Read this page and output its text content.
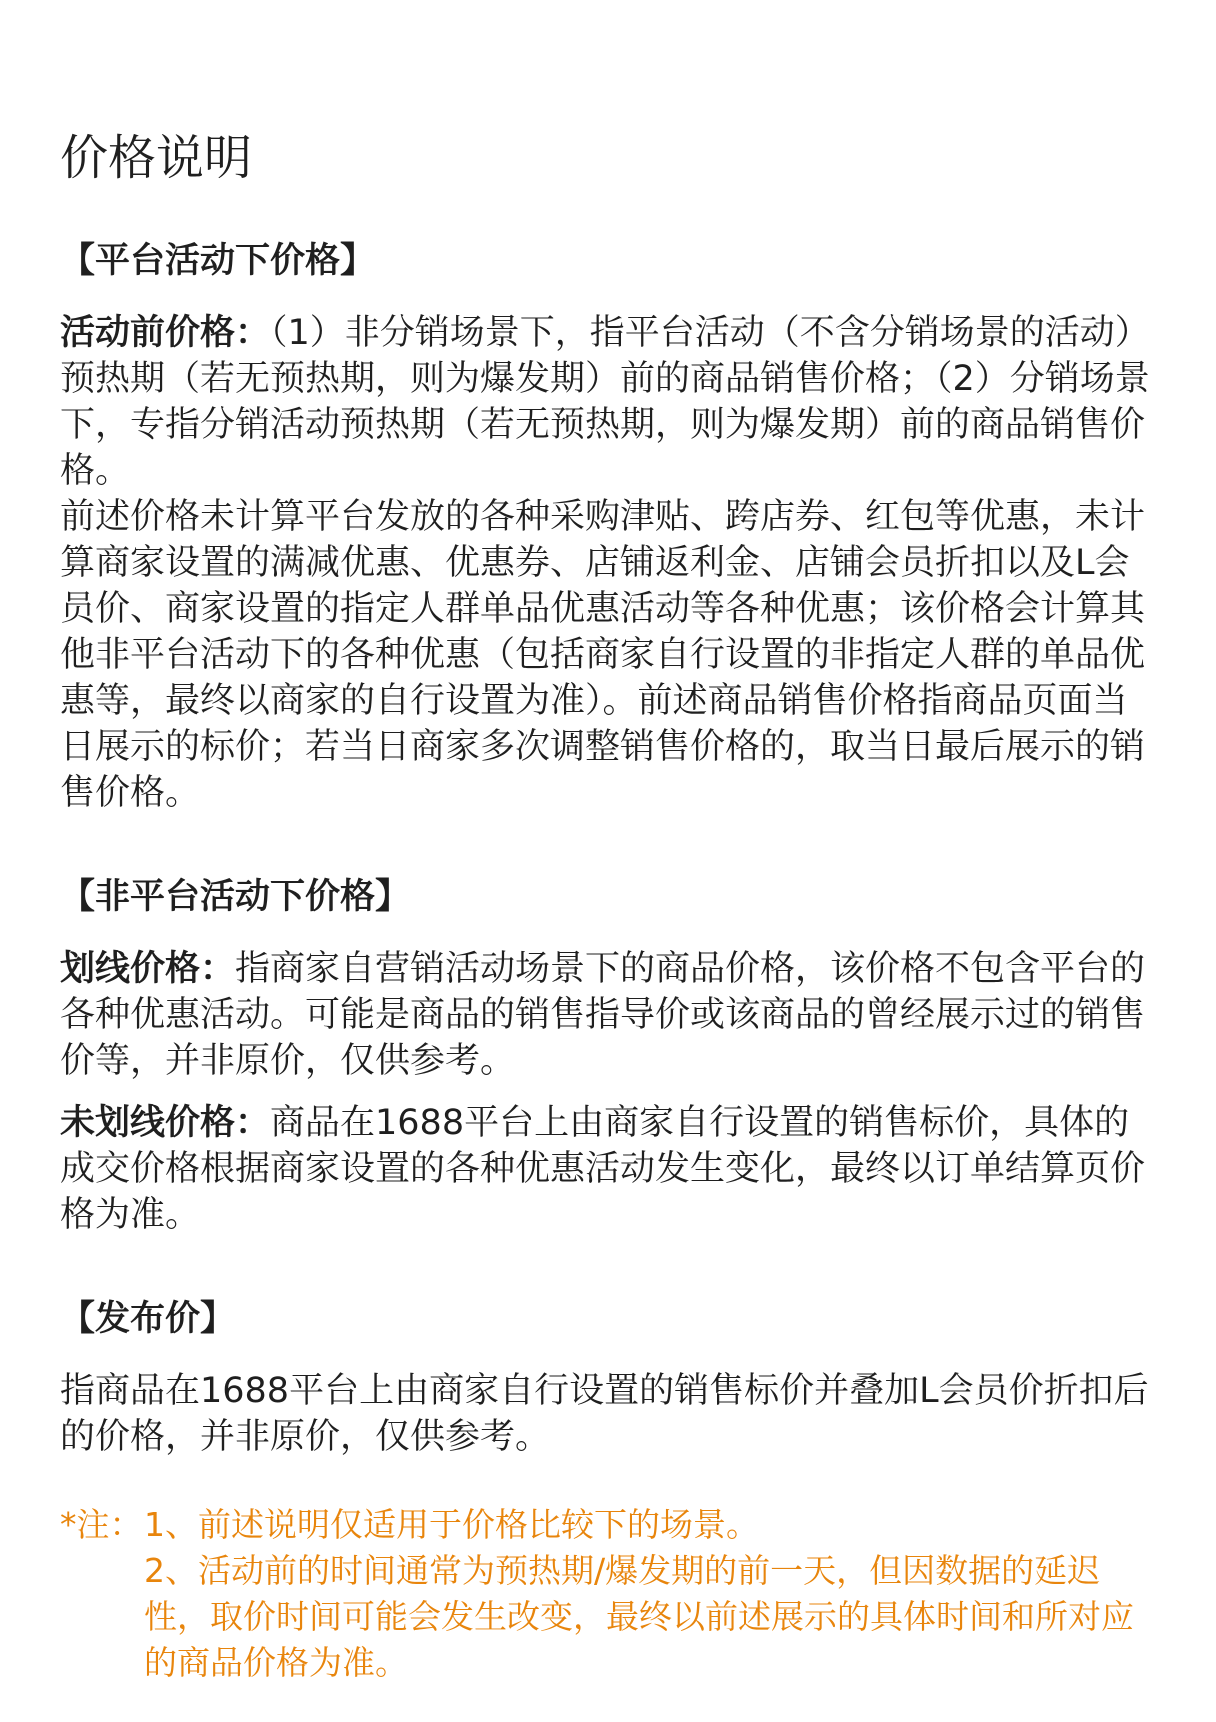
价格说明
【平台活动下价格】

活动前价格：（1）非分销场景下，指平台活动（不含分销场景的活动）预热期（若无预热期，则为爆发期）前的商品销售价格；（2）分销场景下，专指分销活动预热期（若无预热期，则为爆发期）前的商品销售价格。

前述价格未计算平台发放的各种采购津贴、跨店券、红包等优惠，未计算商家设置的满减优惠、优惠券、店铺返利金、店铺会员折扣以及L会员价、商家设置的指定人群单品优惠活动等各种优惠；该价格会计算其他非平台活动下的各种优惠（包括商家自行设置的非指定人群的单品优惠等，最终以商家的自行设置为准）。前述商品销售价格指商品页面当日展示的标价；若当日商家多次调整销售价格的，取当日最后展示的销售价格。

【非平台活动下价格】

划线价格：指商家自营销活动场景下的商品价格，该价格不包含平台的各种优惠活动。可能是商品的销售指导价或该商品的曾经展示过的销售价等，并非原价，仅供参考。

未划线价格：商品在1688平台上由商家自行设置的销售标价，具体的成交价格根据商家设置的各种优惠活动发生变化，最终以订单结算页价格为准。

【发布价】

指商品在1688平台上由商家自行设置的销售标价并叠加L会员价折扣后的价格，并非原价，仅供参考。

*注： 1、前述说明仅适用于价格比较下的场景。

2、活动前的时间通常为预热期/爆发期的前一天，但因数据的延迟性，取价时间可能会发生改变，最终以前述展示的具体时间和所对应的商品价格为准。
